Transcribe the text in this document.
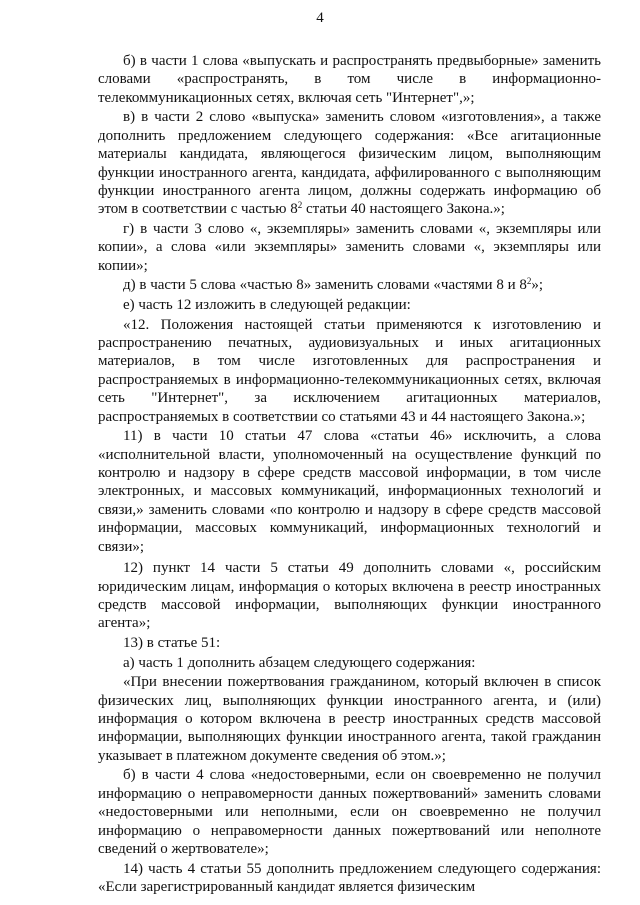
4

б) в части 1 слова «выпускать и распространять предвыборные» заменить словами «распространять, в том числе в информационно-телекоммуникационных сетях, включая сеть "Интернет",»;

в) в части 2 слово «выпуска» заменить словом «изготовления», а также дополнить предложением следующего содержания: «Все агитационные материалы кандидата, являющегося физическим лицом, выполняющим функции иностранного агента, кандидата, аффилированного с выполняющим функции иностранного агента лицом, должны содержать информацию об этом в соответствии с частью $8^2$ статьи 40 настоящего Закона.»;

г) в части 3 слово «, экземпляры» заменить словами «, экземпляры или копии», а слова «или экземпляры» заменить словами «, экземпляры или копии»;

д) в части 5 слова «частью 8» заменить словами «частями 8 и $8^2$»;

е) часть 12 изложить в следующей редакции:

«12. Положения настоящей статьи применяются к изготовлению и распространению печатных, аудиовизуальных и иных агитационных материалов, в том числе изготовленных для распространения и распространяемых в информационно-телекоммуникационных сетях, включая сеть "Интернет", за исключением агитационных материалов, распространяемых в соответствии со статьями 43 и 44 настоящего Закона.»;

11) в части 10 статьи 47 слова «статьи 46» исключить, а слова «исполнительной власти, уполномоченный на осуществление функций по контролю и надзору в сфере средств массовой информации, в том числе электронных, и массовых коммуникаций, информационных технологий и связи,» заменить словами «по контролю и надзору в сфере средств массовой информации, массовых коммуникаций, информационных технологий и связи»;

12) пункт 14 части 5 статьи 49 дополнить словами «, российским юридическим лицам, информация о которых включена в реестр иностранных средств массовой информации, выполняющих функции иностранного агента»;

13) в статье 51:

а) часть 1 дополнить абзацем следующего содержания:

«При внесении пожертвования гражданином, который включен в список физических лиц, выполняющих функции иностранного агента, и (или) информация о котором включена в реестр иностранных средств массовой информации, выполняющих функции иностранного агента, такой гражданин указывает в платежном документе сведения об этом.»;

б) в части 4 слова «недостоверными, если он своевременно не получил информацию о неправомерности данных пожертвований» заменить словами «недостоверными или неполными, если он своевременно не получил информацию о неправомерности данных пожертвований или неполноте сведений о жертвователе»;

14) часть 4 статьи 55 дополнить предложением следующего содержания: «Если зарегистрированный кандидат является физическим
